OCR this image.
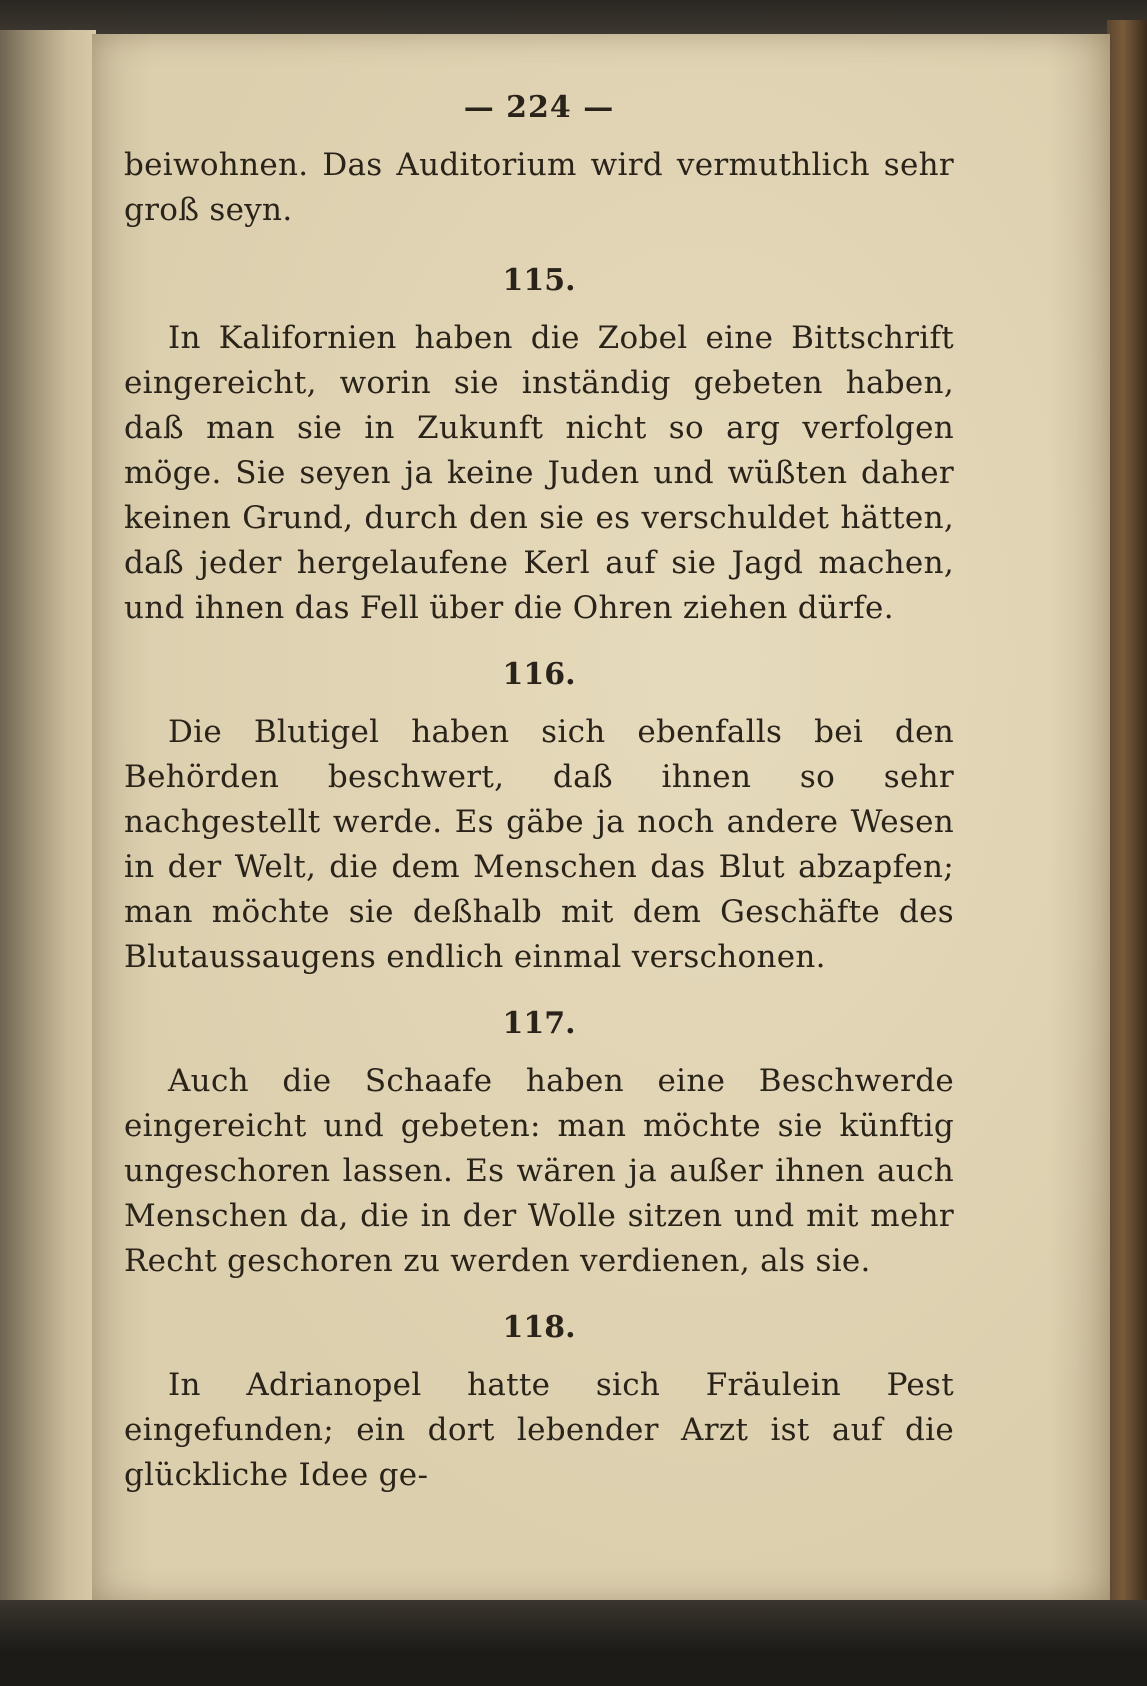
— 224 —

beiwohnen. Das Auditorium wird vermuthlich sehr groß seyn.

115.

In Kalifornien haben die Zobel eine Bittschrift eingereicht, worin sie inständig gebeten haben, daß man sie in Zukunft nicht so arg verfolgen möge. Sie seyen ja keine Juden und wüßten daher keinen Grund, durch den sie es verschuldet hätten, daß jeder hergelaufene Kerl auf sie Jagd machen, und ihnen das Fell über die Ohren ziehen dürfe.

116.

Die Blutigel haben sich ebenfalls bei den Behörden beschwert, daß ihnen so sehr nachgestellt werde. Es gäbe ja noch andere Wesen in der Welt, die dem Menschen das Blut abzapfen; man möchte sie deßhalb mit dem Geschäfte des Blutaussaugens endlich einmal verschonen.

117.

Auch die Schaafe haben eine Beschwerde eingereicht und gebeten: man möchte sie künftig ungeschoren lassen. Es wären ja außer ihnen auch Menschen da, die in der Wolle sitzen und mit mehr Recht geschoren zu werden verdienen, als sie.

118.

In Adrianopel hatte sich Fräulein Pest eingefunden; ein dort lebender Arzt ist auf die glückliche Idee ge-
